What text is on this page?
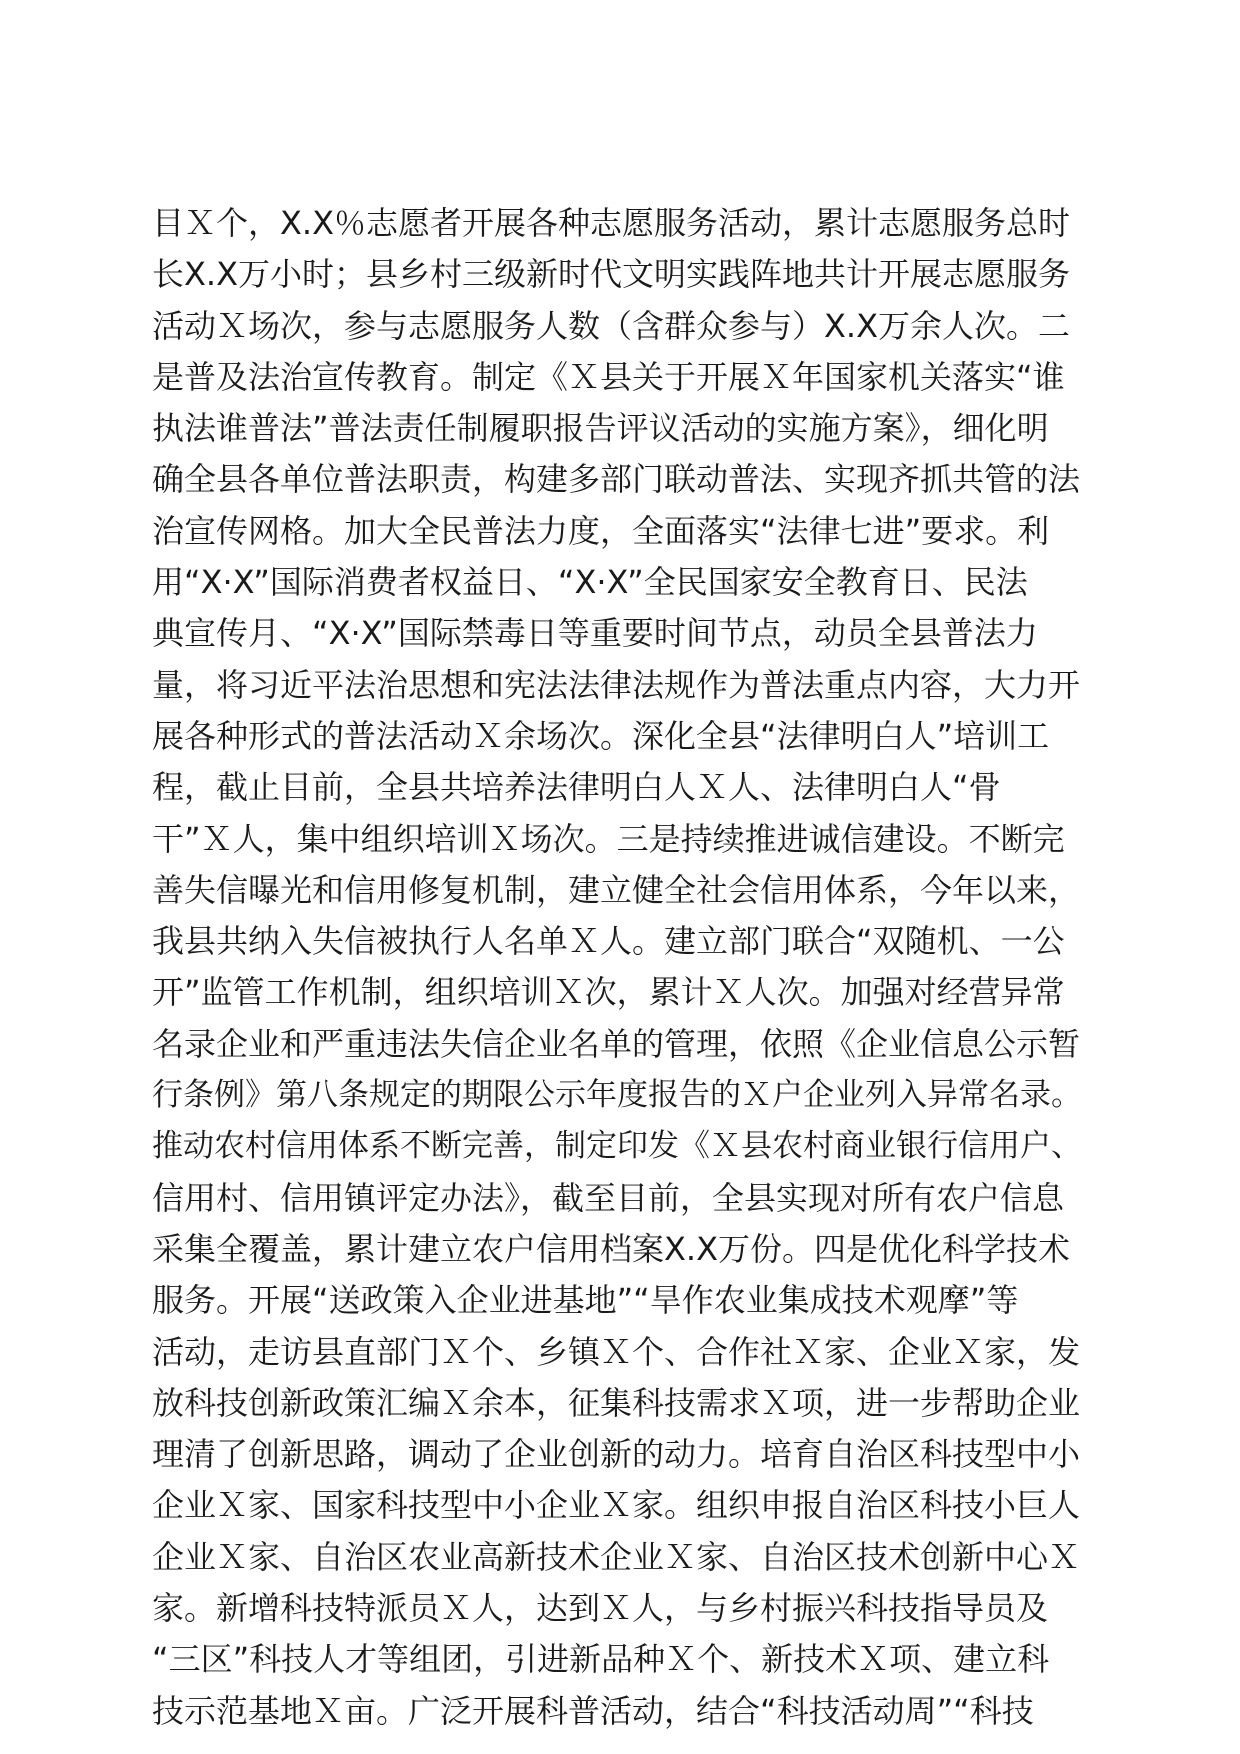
目Ｘ个，X.X％志愿者开展各种志愿服务活动，累计志愿服务总时
长X.X万小时；县乡村三级新时代文明实践阵地共计开展志愿服务
活动Ｘ场次，参与志愿服务人数（含群众参与）X.X万余人次。二
是普及法治宣传教育。制定《Ｘ县关于开展Ｘ年国家机关落实“谁
执法谁普法”普法责任制履职报告评议活动的实施方案》，细化明
确全县各单位普法职责，构建多部门联动普法、实现齐抓共管的法
治宣传网格。加大全民普法力度，全面落实“法律七进”要求。利
用“X·X”国际消费者权益日、“X·X”全民国家安全教育日、民法
典宣传月、“X·X”国际禁毒日等重要时间节点，动员全县普法力
量，将习近平法治思想和宪法法律法规作为普法重点内容，大力开
展各种形式的普法活动Ｘ余场次。深化全县“法律明白人”培训工
程，截止目前，全县共培养法律明白人Ｘ人、法律明白人“骨
干”Ｘ人，集中组织培训Ｘ场次。三是持续推进诚信建设。不断完
善失信曝光和信用修复机制，建立健全社会信用体系，今年以来，
我县共纳入失信被执行人名单Ｘ人。建立部门联合“双随机、一公
开”监管工作机制，组织培训Ｘ次，累计Ｘ人次。加强对经营异常
名录企业和严重违法失信企业名单的管理，依照《企业信息公示暂
行条例》第八条规定的期限公示年度报告的Ｘ户企业列入异常名录。
推动农村信用体系不断完善，制定印发《Ｘ县农村商业银行信用户、
信用村、信用镇评定办法》，截至目前，全县实现对所有农户信息
采集全覆盖，累计建立农户信用档案X.X万份。四是优化科学技术
服务。开展“送政策入企业进基地”“旱作农业集成技术观摩”等
活动，走访县直部门Ｘ个、乡镇Ｘ个、合作社Ｘ家、企业Ｘ家，发
放科技创新政策汇编Ｘ余本，征集科技需求Ｘ项，进一步帮助企业
理清了创新思路，调动了企业创新的动力。培育自治区科技型中小
企业Ｘ家、国家科技型中小企业Ｘ家。组织申报自治区科技小巨人
企业Ｘ家、自治区农业高新技术企业Ｘ家、自治区技术创新中心Ｘ
家。新增科技特派员Ｘ人，达到Ｘ人，与乡村振兴科技指导员及
“三区”科技人才等组团，引进新品种Ｘ个、新技术Ｘ项、建立科
技示范基地Ｘ亩。广泛开展科普活动，结合“科技活动周”“科技
